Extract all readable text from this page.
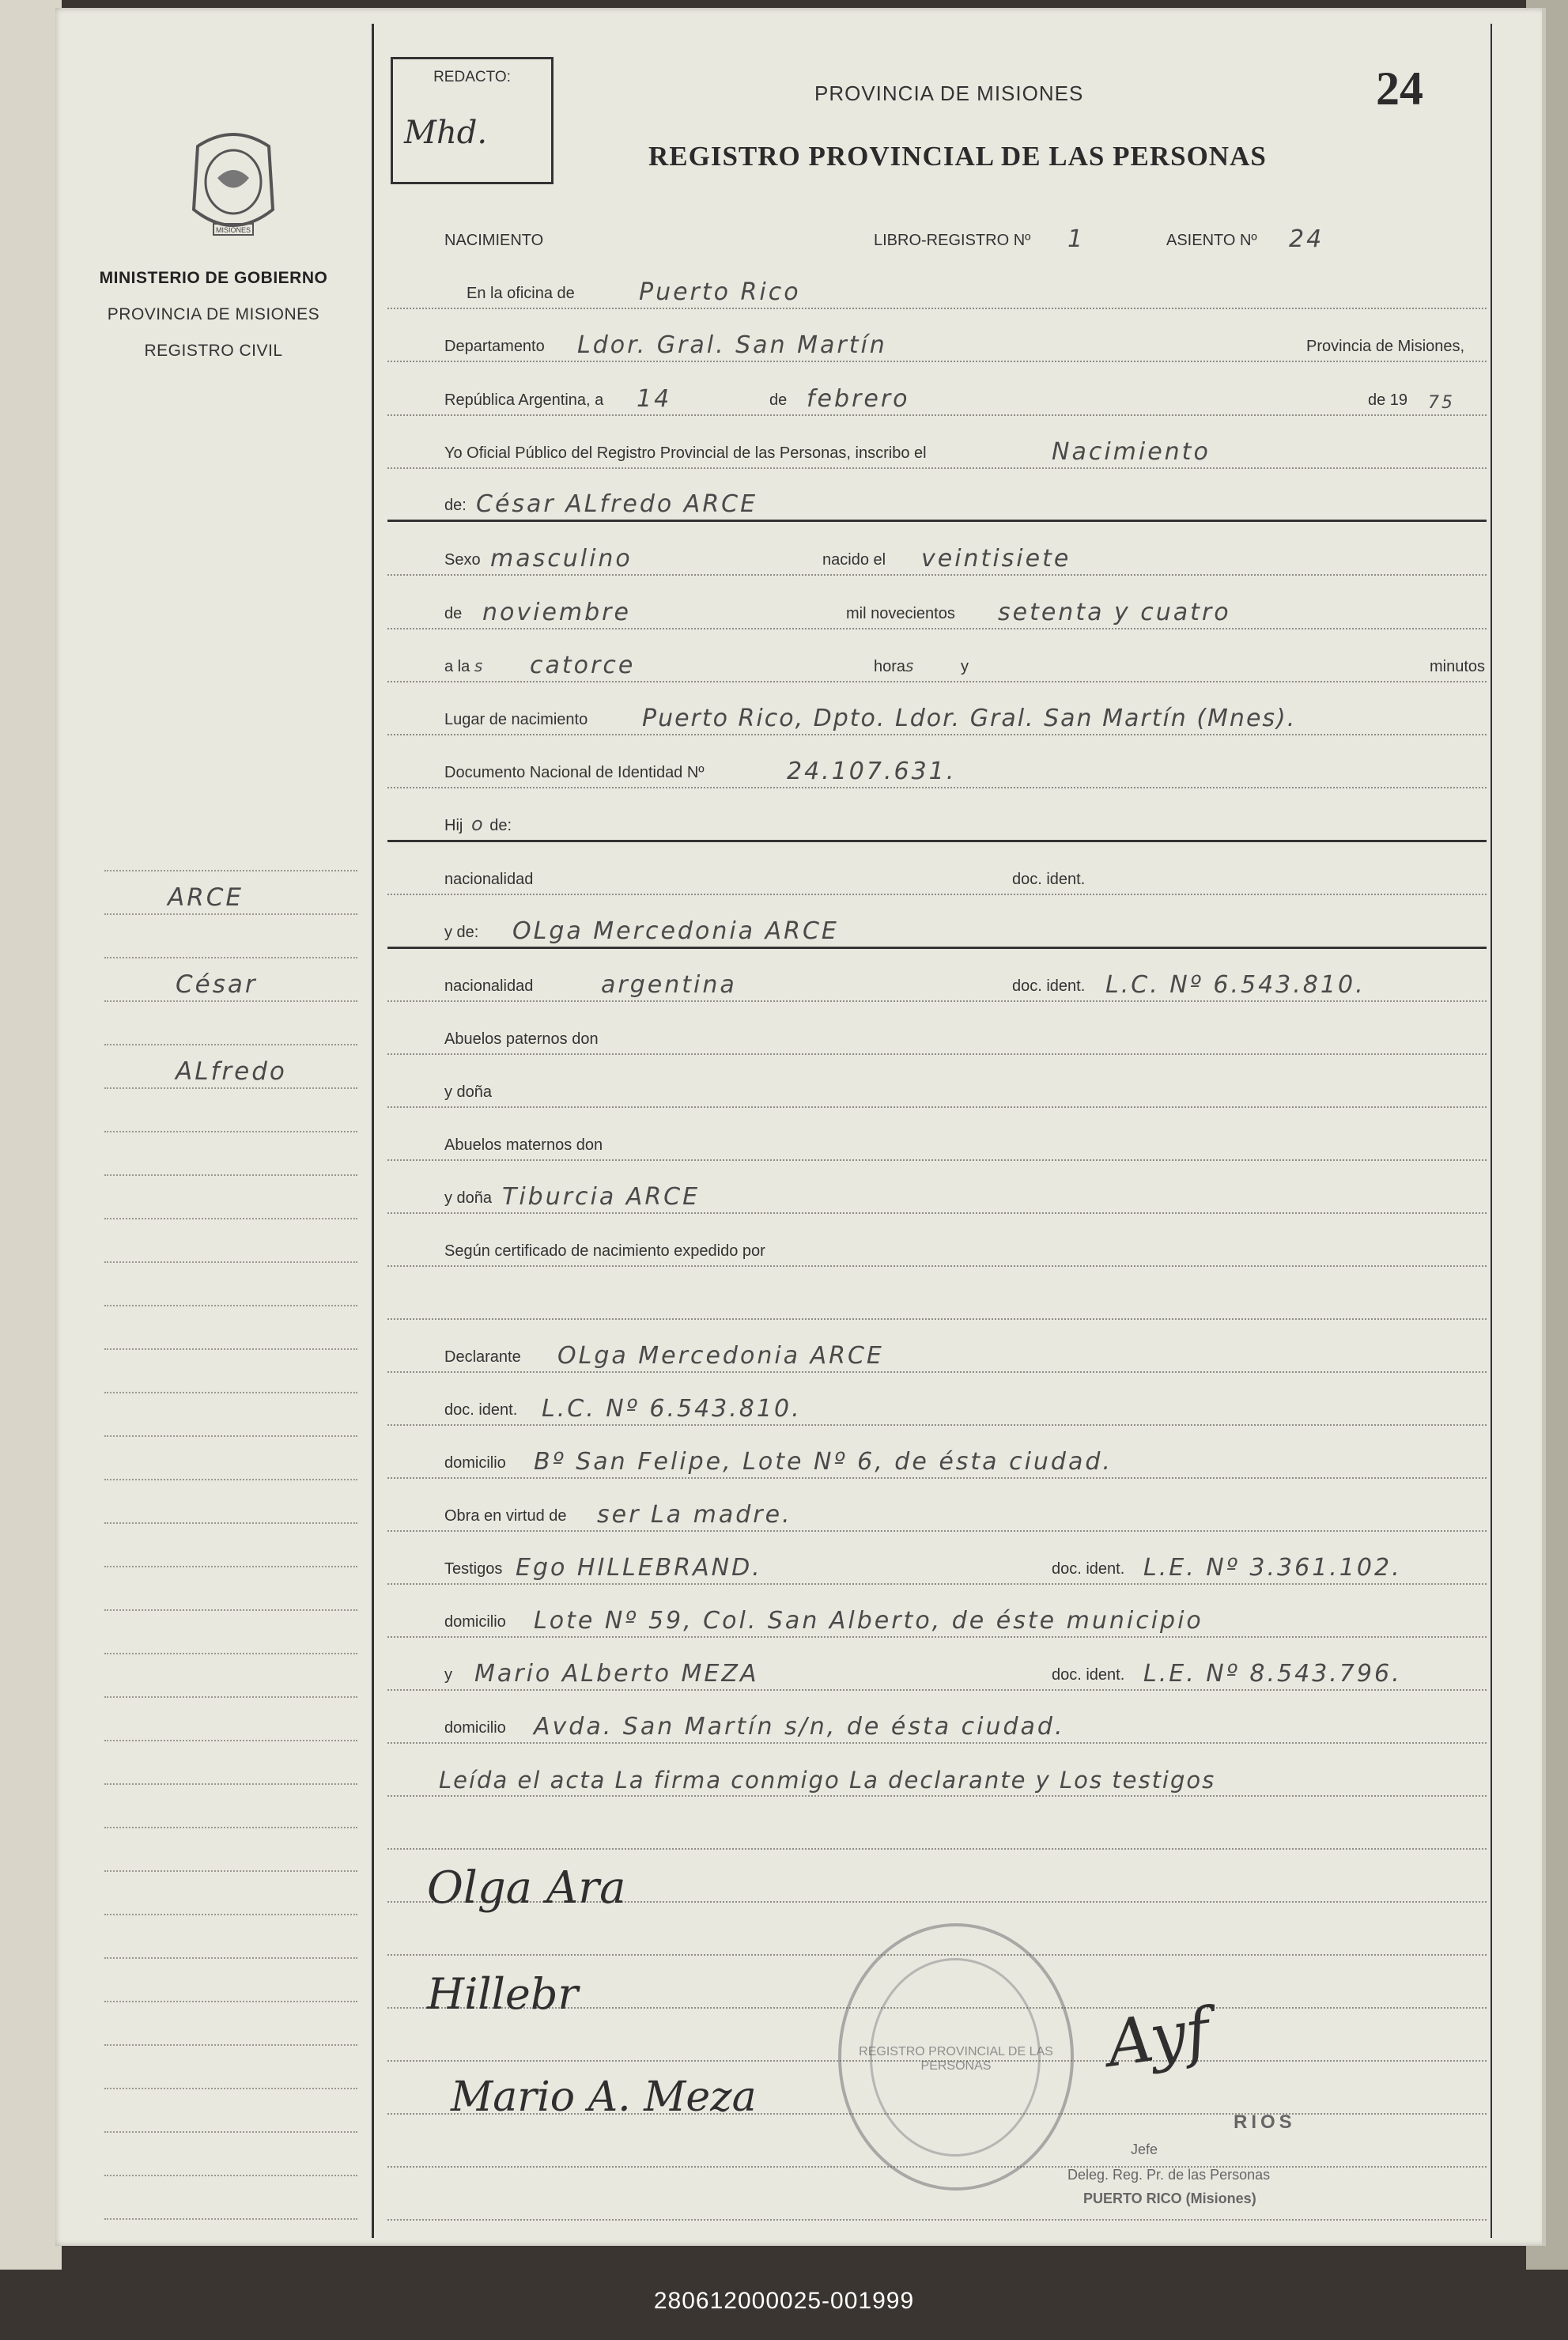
MISIONES
MINISTERIO DE GOBIERNO
PROVINCIA DE MISIONES
REGISTRO CIVIL
ARCE
César
ALfredo
REDACTO:
Mhd.
PROVINCIA DE MISIONES
REGISTRO PROVINCIAL DE LAS PERSONAS
24
NACIMIENTO	LIBRO-REGISTRO Nº 1	ASIENTO Nº 24
En la oficina de	Puerto Rico
Departamento Ldor. Gral. San Martín	Provincia de Misiones,
República Argentina, a 14	de febrero	de 19 75
Yo Oficial Público del Registro Provincial de las Personas, inscribo el	Nacimiento
de: César ALfredo ARCE
Sexo masculino	nacido el veintisiete
de noviembre	mil novecientos setenta y cuatro
a la s catorce	horas	y	minutos
Lugar de nacimiento Puerto Rico, Dpto. Ldor. Gral. San Martín (Mnes).
Documento Nacional de Identidad Nº	24.107.631.
Hij o de:
nacionalidad	doc. ident.
y de: OLga Mercedonia ARCE
nacionalidad	argentina	doc. ident. L.C. Nº 6.543.810.
Abuelos paternos don
y doña
Abuelos maternos don
y doña Tiburcia ARCE
Según certificado de nacimiento expedido por
Declarante OLga Mercedonia ARCE
doc. ident. L.C. Nº 6.543.810.
domicilio Bº San Felipe, Lote Nº 6, de ésta ciudad.
Obra en virtud de ser La madre.
Testigos Ego HILLEBRAND.	doc. ident. L.E. Nº 3.361.102.
domicilio Lote Nº 59, Col. San Alberto, de éste municipio
y Mario ALberto MEZA	doc. ident. L.E. Nº 8.543.796.
domicilio Avda. San Martín s/n, de ésta ciudad.
Leída el acta La firma conmigo La declarante y Los testigos
Olga Ara
Hillebr
Mario A. Meza
Ayf
REGISTRO PROVINCIAL DE LAS PERSONAS
RIOS
Jefe
Deleg. Reg. Pr. de las Personas
PUERTO RICO (Misiones)
280612000025-001999
